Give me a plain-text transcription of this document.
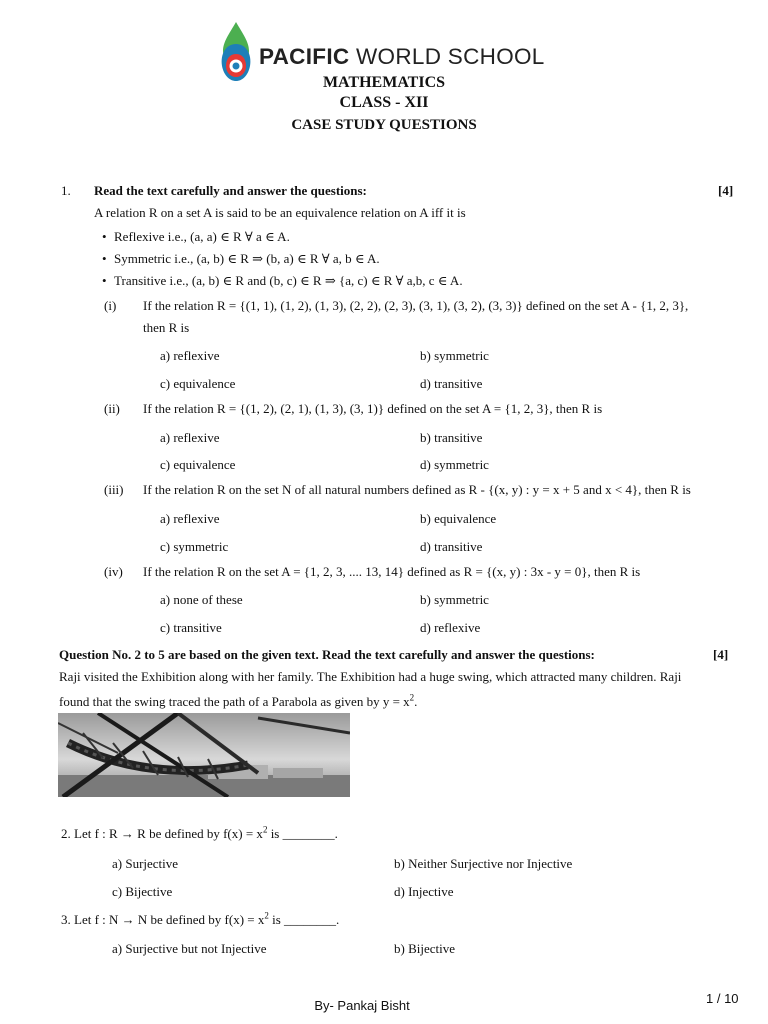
PACIFIC WORLD SCHOOL
MATHEMATICS
CLASS - XII
CASE STUDY QUESTIONS
1. Read the text carefully and answer the questions:	[4]
A relation R on a set A is said to be an equivalence relation on A iff it is
• Reflexive i.e., (a, a) ∈ R ∀ a ∈ A.
• Symmetric i.e., (a, b) ∈ R ⇒ (b, a) ∈ R ∀ a, b ∈ A.
• Transitive i.e., (a, b) ∈ R and (b, c) ∈ R ⇒ {a, c) ∈ R ∀ a,b, c ∈ A.
(i) If the relation R = {(1, 1), (1, 2), (1, 3), (2, 2), (2, 3), (3, 1), (3, 2), (3, 3)} defined on the set A - {1, 2, 3},
then R is
a) reflexive	b) symmetric
c) equivalence	d) transitive
(ii) If the relation R = {(1, 2), (2, 1), (1, 3), (3, 1)} defined on the set A = {1, 2, 3}, then R is
a) reflexive	b) transitive
c) equivalence	d) symmetric
(iii) If the relation R on the set N of all natural numbers defined as R - {(x, y) : y = x + 5 and x < 4}, then R is
a) reflexive	b) equivalence
c) symmetric	d) transitive
(iv) If the relation R on the set A = {1, 2, 3, .... 13, 14} defined as R = {(x, y) : 3x - y = 0}, then R is
a) none of these	b) symmetric
c) transitive	d) reflexive
Question No. 2 to 5 are based on the given text. Read the text carefully and answer the questions:	[4]
Raji visited the Exhibition along with her family. The Exhibition had a huge swing, which attracted many children. Raji
found that the swing traced the path of a Parabola as given by $y = x^2$.
2. Let f : R → R be defined by $f(x) = x^2$ is ________.
a) Surjective	b) Neither Surjective nor Injective
c) Bijective	d) Injective
3. Let f : N → N be defined by $f(x) = x^2$ is ________.
a) Surjective but not Injective	b) Bijective
By- Pankaj Bisht	1 / 10
